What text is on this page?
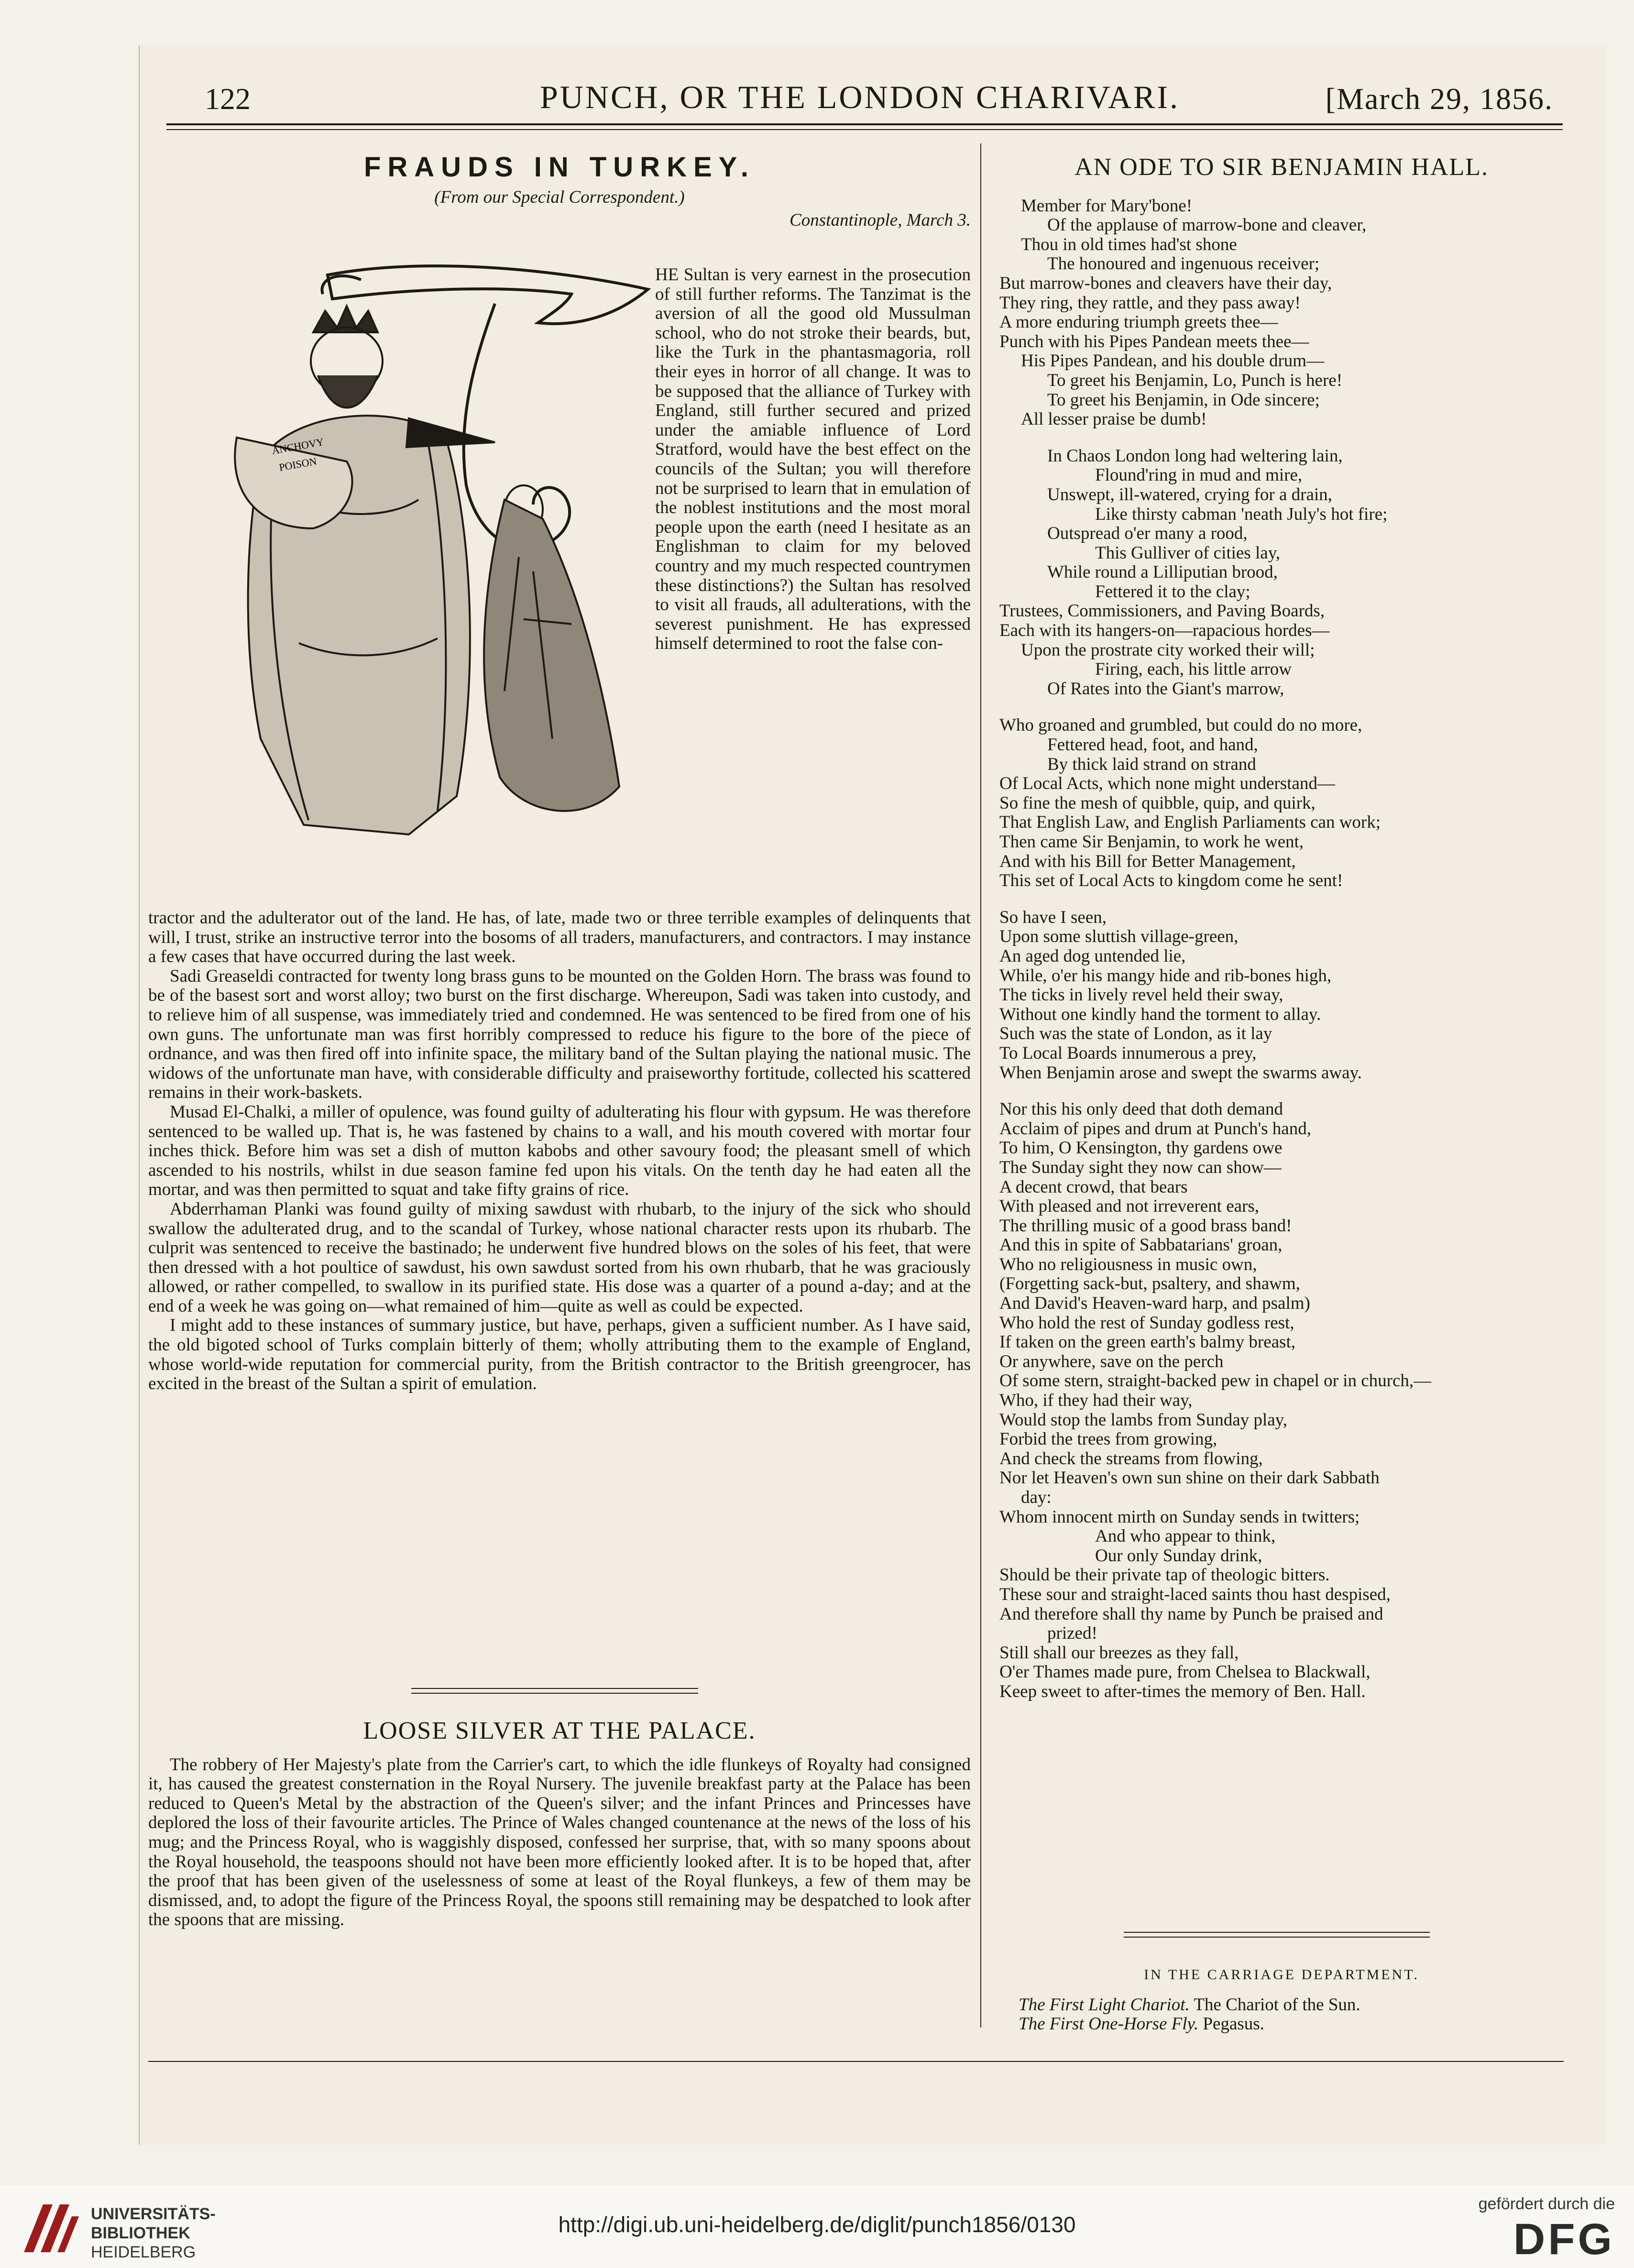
122	PUNCH, OR THE LONDON CHARIVARI.	[March 29, 1856.
FRAUDS IN TURKEY.
(From our Special Correspondent.)
Constantinople, March 3.
ANCHOVY
POISON

HE Sultan is very earnest in the prosecution of still further reforms. The Tanzimat is the aversion of all the good old Mussulman school, who do not stroke their beards, but, like the Turk in the phantasmagoria, roll their eyes in horror of all change. It was to be supposed that the alliance of Turkey with England, still further secured and prized under the amiable influence of Lord Stratford, would have the best effect on the councils of the Sultan; you will therefore not be surprised to learn that in emulation of the noblest institutions and the most moral people upon the earth (need I hesitate as an Englishman to claim for my beloved country and my much respected countrymen these distinctions?) the Sultan has resolved to visit all frauds, all adulterations, with the severest punishment. He has expressed himself determined to root the false con-

tractor and the adulterator out of the land. He has, of late, made two or three terrible examples of delinquents that will, I trust, strike an instructive terror into the bosoms of all traders, manufacturers, and contractors. I may instance a few cases that have occurred during the last week.

Sadi Greaseldi contracted for twenty long brass guns to be mounted on the Golden Horn. The brass was found to be of the basest sort and worst alloy; two burst on the first discharge. Whereupon, Sadi was taken into custody, and to relieve him of all suspense, was immediately tried and condemned. He was sentenced to be fired from one of his own guns. The unfortunate man was first horribly compressed to reduce his figure to the bore of the piece of ordnance, and was then fired off into infinite space, the military band of the Sultan playing the national music. The widows of the unfortunate man have, with considerable difficulty and praiseworthy fortitude, collected his scattered remains in their work-baskets.

Musad El-Chalki, a miller of opulence, was found guilty of adulterating his flour with gypsum. He was therefore sentenced to be walled up. That is, he was fastened by chains to a wall, and his mouth covered with mortar four inches thick. Before him was set a dish of mutton kabobs and other savoury food; the pleasant smell of which ascended to his nostrils, whilst in due season famine fed upon his vitals. On the tenth day he had eaten all the mortar, and was then permitted to squat and take fifty grains of rice.

Abderrhaman Planki was found guilty of mixing sawdust with rhubarb, to the injury of the sick who should swallow the adulterated drug, and to the scandal of Turkey, whose national character rests upon its rhubarb. The culprit was sentenced to receive the bastinado; he underwent five hundred blows on the soles of his feet, that were then dressed with a hot poultice of sawdust, his own sawdust sorted from his own rhubarb, that he was graciously allowed, or rather compelled, to swallow in its purified state. His dose was a quarter of a pound a-day; and at the end of a week he was going on—what remained of him—quite as well as could be expected.

I might add to these instances of summary justice, but have, perhaps, given a sufficient number. As I have said, the old bigoted school of Turks complain bitterly of them; wholly attributing them to the example of England, whose world-wide reputation for commercial purity, from the British contractor to the British greengrocer, has excited in the breast of the Sultan a spirit of emulation.

LOOSE SILVER AT THE PALACE.

The robbery of Her Majesty's plate from the Carrier's cart, to which the idle flunkeys of Royalty had consigned it, has caused the greatest consternation in the Royal Nursery. The juvenile breakfast party at the Palace has been reduced to Queen's Metal by the abstraction of the Queen's silver; and the infant Princes and Princesses have deplored the loss of their favourite articles. The Prince of Wales changed countenance at the news of the loss of his mug; and the Princess Royal, who is waggishly disposed, confessed her surprise, that, with so many spoons about the Royal household, the teaspoons should not have been more efficiently looked after. It is to be hoped that, after the proof that has been given of the uselessness of some at least of the Royal flunkeys, a few of them may be dismissed, and, to adopt the figure of the Princess Royal, the spoons still remaining may be despatched to look after the spoons that are missing.

AN ODE TO SIR BENJAMIN HALL.
Member for Mary'bone!
Of the applause of marrow-bone and cleaver,
Thou in old times had'st shone
The honoured and ingenuous receiver;
But marrow-bones and cleavers have their day,
They ring, they rattle, and they pass away!
A more enduring triumph greets thee—
Punch with his Pipes Pandean meets thee—
His Pipes Pandean, and his double drum—
To greet his Benjamin, Lo, Punch is here!
To greet his Benjamin, in Ode sincere;
All lesser praise be dumb!
In Chaos London long had weltering lain,
Flound'ring in mud and mire,
Unswept, ill-watered, crying for a drain,
Like thirsty cabman 'neath July's hot fire;
Outspread o'er many a rood,
This Gulliver of cities lay,
While round a Lilliputian brood,
Fettered it to the clay;
Trustees, Commissioners, and Paving Boards,
Each with its hangers-on—rapacious hordes—
Upon the prostrate city worked their will;
Firing, each, his little arrow
Of Rates into the Giant's marrow,
Who groaned and grumbled, but could do no more,
Fettered head, foot, and hand,
By thick laid strand on strand
Of Local Acts, which none might understand—
So fine the mesh of quibble, quip, and quirk,
That English Law, and English Parliaments can work;
Then came Sir Benjamin, to work he went,
And with his Bill for Better Management,
This set of Local Acts to kingdom come he sent!
So have I seen,
Upon some sluttish village-green,
An aged dog untended lie,
While, o'er his mangy hide and rib-bones high,
The ticks in lively revel held their sway,
Without one kindly hand the torment to allay.
Such was the state of London, as it lay
To Local Boards innumerous a prey,
When Benjamin arose and swept the swarms away.
Nor this his only deed that doth demand
Acclaim of pipes and drum at Punch's hand,
To him, O Kensington, thy gardens owe
The Sunday sight they now can show—
A decent crowd, that bears
With pleased and not irreverent ears,
The thrilling music of a good brass band!
And this in spite of Sabbatarians' groan,
Who no religiousness in music own,
(Forgetting sack-but, psaltery, and shawm,
And David's Heaven-ward harp, and psalm)
Who hold the rest of Sunday godless rest,
If taken on the green earth's balmy breast,
Or anywhere, save on the perch
Of some stern, straight-backed pew in chapel or in church,—
Who, if they had their way,
Would stop the lambs from Sunday play,
Forbid the trees from growing,
And check the streams from flowing,
Nor let Heaven's own sun shine on their dark Sabbath
day:
Whom innocent mirth on Sunday sends in twitters;
And who appear to think,
Our only Sunday drink,
Should be their private tap of theologic bitters.
These sour and straight-laced saints thou hast despised,
And therefore shall thy name by Punch be praised and
prized!
Still shall our breezes as they fall,
O'er Thames made pure, from Chelsea to Blackwall,
Keep sweet to after-times the memory of Ben. Hall.
IN THE CARRIAGE DEPARTMENT.
The First Light Chariot. The Chariot of the Sun.
The First One-Horse Fly. Pegasus.
UNIVERSITÄTS-
BIBLIOTHEK
HEIDELBERG
http://digi.ub.uni-heidelberg.de/diglit/punch1856/0130
gefördert durch die
DFG
